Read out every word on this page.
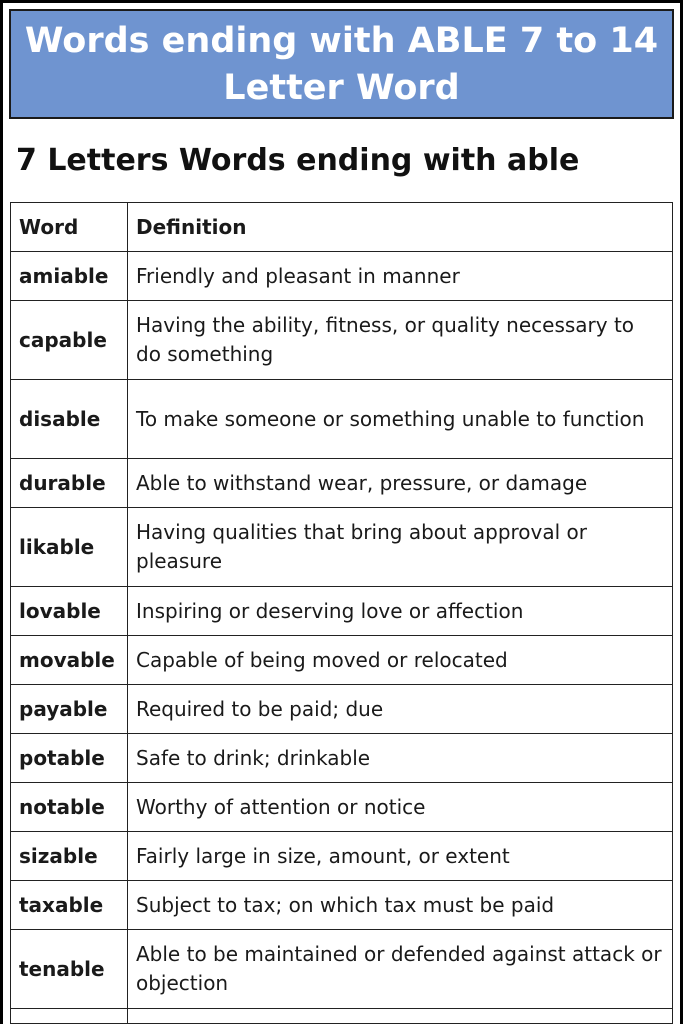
Words ending with ABLE 7 to 14
Letter Word
7 Letters Words ending with able
Word	Definition
amiable	Friendly and pleasant in manner
capable	Having the ability, fitness, or quality necessary to do something
disable	To make someone or something unable to function
durable	Able to withstand wear, pressure, or damage
likable	Having qualities that bring about approval or pleasure
lovable	Inspiring or deserving love or affection
movable	Capable of being moved or relocated
payable	Required to be paid; due
potable	Safe to drink; drinkable
notable	Worthy of attention or notice
sizable	Fairly large in size, amount, or extent
taxable	Subject to tax; on which tax must be paid
tenable	Able to be maintained or defended against attack or objection
